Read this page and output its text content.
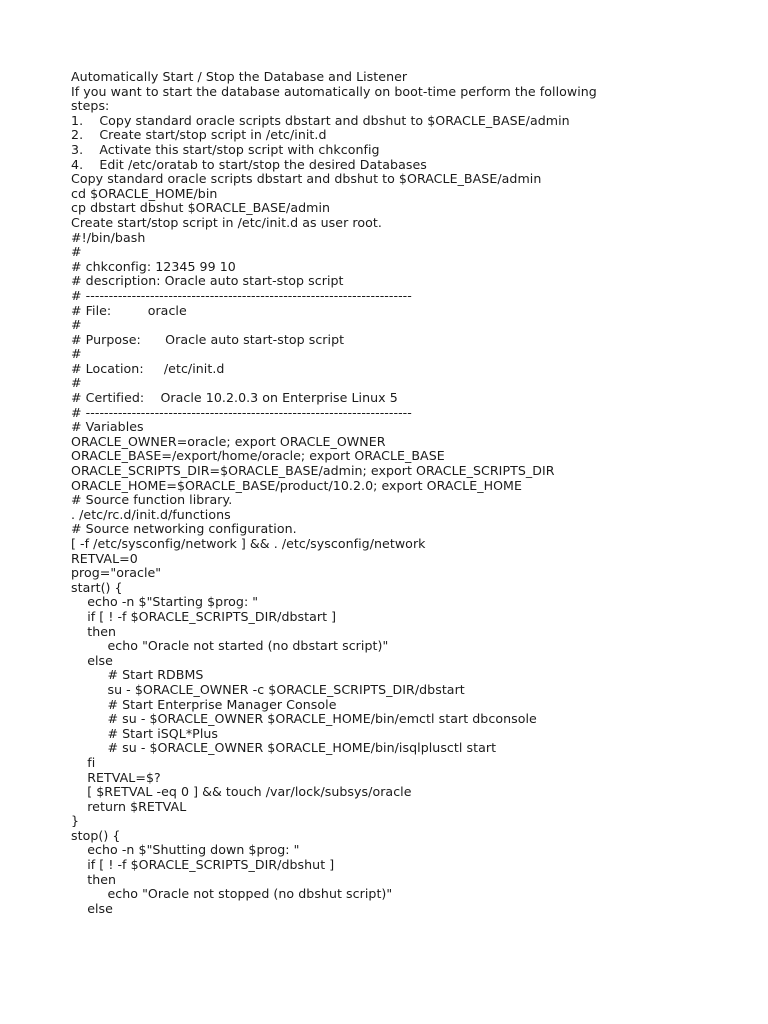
Automatically Start / Stop the Database and Listener
If you want to start the database automatically on boot-time perform the following
steps:
1.    Copy standard oracle scripts dbstart and dbshut to $ORACLE_BASE/admin
2.    Create start/stop script in /etc/init.d
3.    Activate this start/stop script with chkconfig
4.    Edit /etc/oratab to start/stop the desired Databases
Copy standard oracle scripts dbstart and dbshut to $ORACLE_BASE/admin
cd $ORACLE_HOME/bin
cp dbstart dbshut $ORACLE_BASE/admin
Create start/stop script in /etc/init.d as user root.
#!/bin/bash
#
# chkconfig: 12345 99 10
# description: Oracle auto start-stop script
# -----------------------------------------------------------------------
# File:         oracle
#
# Purpose:      Oracle auto start-stop script
#
# Location:     /etc/init.d
#
# Certified:    Oracle 10.2.0.3 on Enterprise Linux 5
# -----------------------------------------------------------------------
# Variables
ORACLE_OWNER=oracle; export ORACLE_OWNER
ORACLE_BASE=/export/home/oracle; export ORACLE_BASE
ORACLE_SCRIPTS_DIR=$ORACLE_BASE/admin; export ORACLE_SCRIPTS_DIR
ORACLE_HOME=$ORACLE_BASE/product/10.2.0; export ORACLE_HOME
# Source function library.
. /etc/rc.d/init.d/functions
# Source networking configuration.
[ -f /etc/sysconfig/network ] && . /etc/sysconfig/network
RETVAL=0
prog="oracle"
start() {
echo -n $"Starting $prog: "
if [ ! -f $ORACLE_SCRIPTS_DIR/dbstart ]
then
echo "Oracle not started (no dbstart script)"
else
# Start RDBMS
su - $ORACLE_OWNER -c $ORACLE_SCRIPTS_DIR/dbstart
# Start Enterprise Manager Console
# su - $ORACLE_OWNER $ORACLE_HOME/bin/emctl start dbconsole
# Start iSQL*Plus
# su - $ORACLE_OWNER $ORACLE_HOME/bin/isqlplusctl start
fi
RETVAL=$?
[ $RETVAL -eq 0 ] && touch /var/lock/subsys/oracle
return $RETVAL
}
stop() {
echo -n $"Shutting down $prog: "
if [ ! -f $ORACLE_SCRIPTS_DIR/dbshut ]
then
echo "Oracle not stopped (no dbshut script)"
else
